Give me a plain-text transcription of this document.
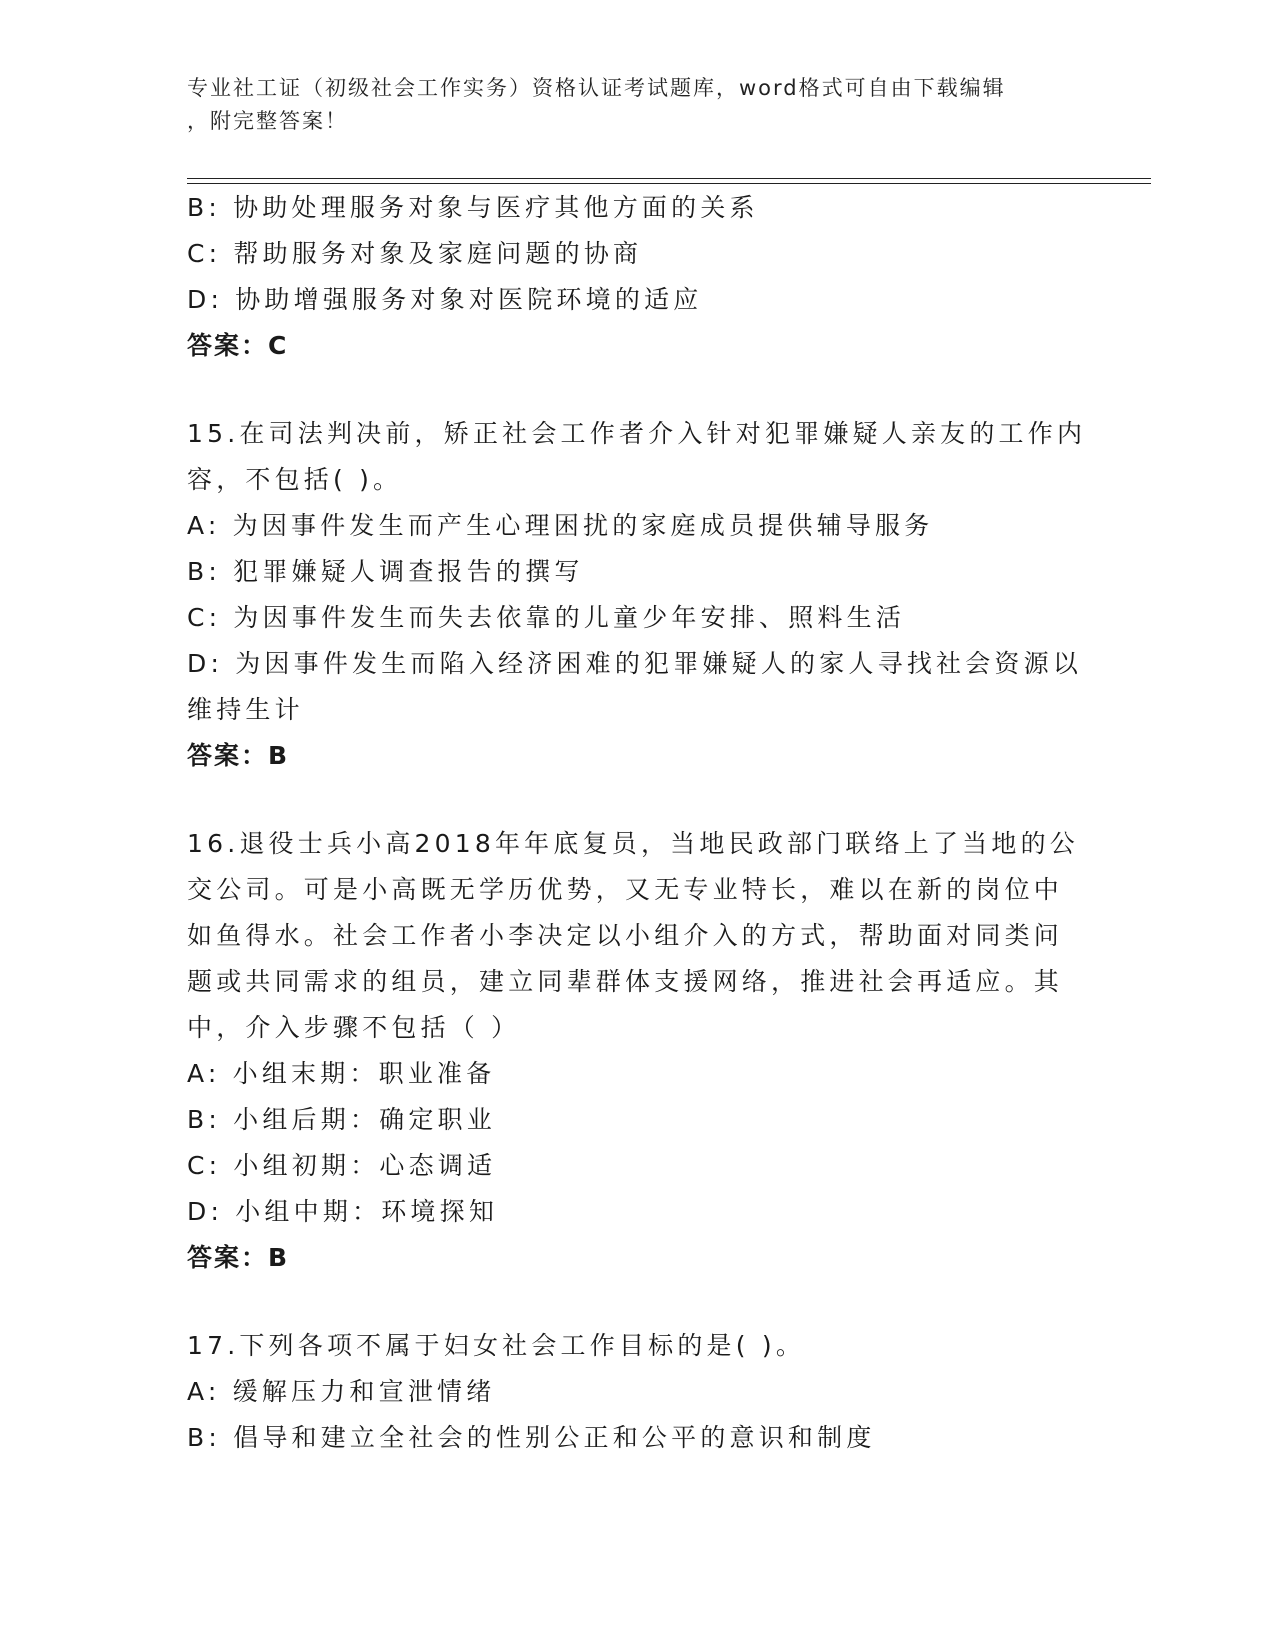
专业社工证（初级社会工作实务）资格认证考试题库，word格式可自由下载编辑
，附完整答案！
B: 协助处理服务对象与医疗其他方面的关系
C: 帮助服务对象及家庭问题的协商
D: 协助增强服务对象对医院环境的适应
答案：C
15.在司法判决前，矫正社会工作者介入针对犯罪嫌疑人亲友的工作内
容，不包括( )。
A: 为因事件发生而产生心理困扰的家庭成员提供辅导服务
B: 犯罪嫌疑人调查报告的撰写
C: 为因事件发生而失去依靠的儿童少年安排、照料生活
D: 为因事件发生而陷入经济困难的犯罪嫌疑人的家人寻找社会资源以
维持生计
答案：B
16.退役士兵小高2018年年底复员，当地民政部门联络上了当地的公
交公司。可是小高既无学历优势，又无专业特长，难以在新的岗位中
如鱼得水。社会工作者小李决定以小组介入的方式，帮助面对同类问
题或共同需求的组员，建立同辈群体支援网络，推进社会再适应。其
中，介入步骤不包括（ ）
A: 小组末期：职业准备
B: 小组后期：确定职业
C: 小组初期：心态调适
D: 小组中期：环境探知
答案：B
17.下列各项不属于妇女社会工作目标的是( )。
A: 缓解压力和宣泄情绪
B: 倡导和建立全社会的性别公正和公平的意识和制度
